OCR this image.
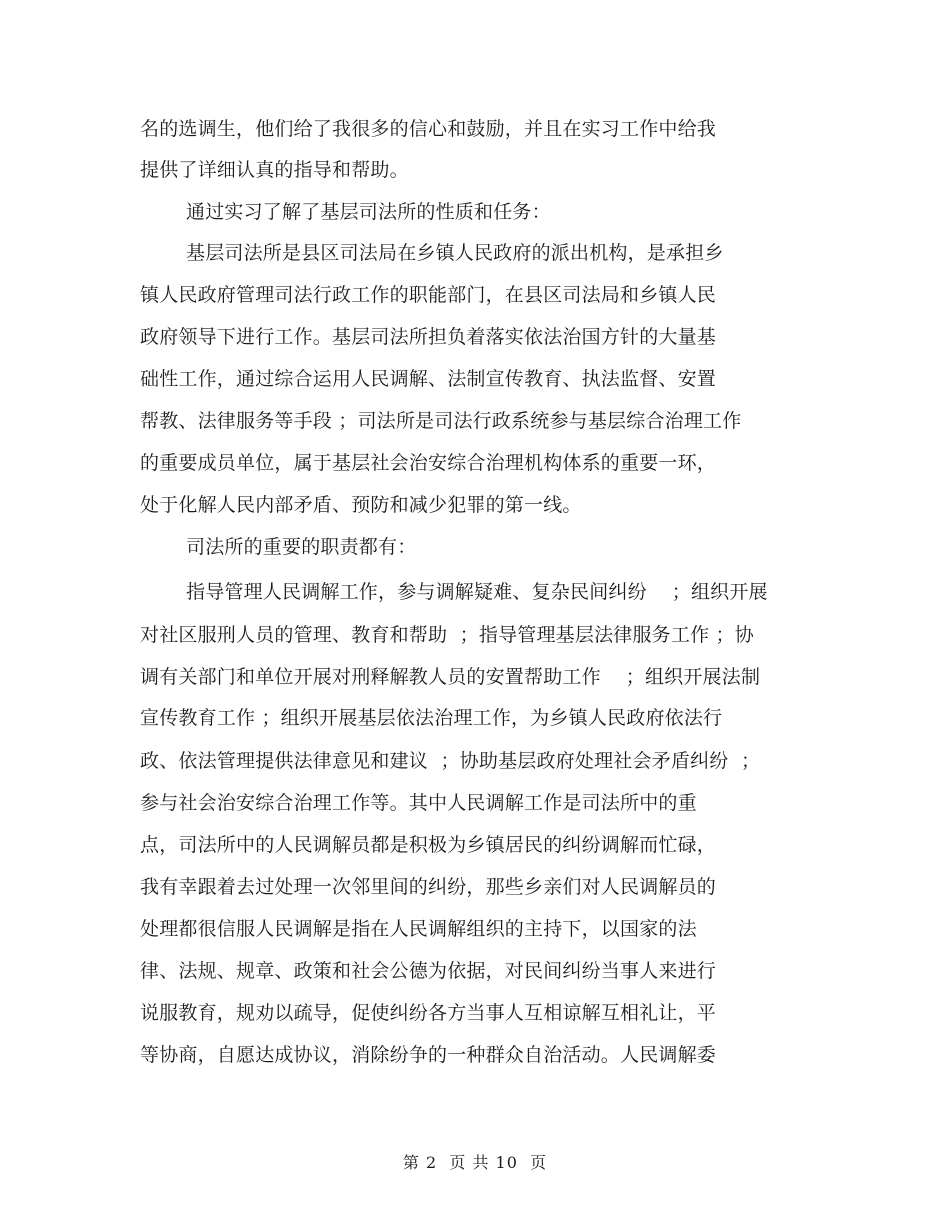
名的选调生，他们给了我很多的信心和鼓励，并且在实习工作中给我

提供了详细认真的指导和帮助。

通过实习了解了基层司法所的性质和任务：

基层司法所是县区司法局在乡镇人民政府的派出机构，是承担乡

镇人民政府管理司法行政工作的职能部门，在县区司法局和乡镇人民

政府领导下进行工作。基层司法所担负着落实依法治国方针的大量基

础性工作，通过综合运用人民调解、法制宣传教育、执法监督、安置

帮教、法律服务等手段 ；司法所是司法行政系统参与基层综合治理工作

的重要成员单位，属于基层社会治安综合治理机构体系的重要一环，

处于化解人民内部矛盾、预防和减少犯罪的第一线。

司法所的重要的职责都有：

指导管理人民调解工作，参与调解疑难、复杂民间纠纷    ；组织开展

对社区服刑人员的管理、教育和帮助  ；指导管理基层法律服务工作 ；协

调有关部门和单位开展对刑释解教人员的安置帮助工作    ；组织开展法制

宣传教育工作 ；组织开展基层依法治理工作，为乡镇人民政府依法行

政、依法管理提供法律意见和建议  ；协助基层政府处理社会矛盾纠纷  ；

参与社会治安综合治理工作等。其中人民调解工作是司法所中的重

点，司法所中的人民调解员都是积极为乡镇居民的纠纷调解而忙碌，

我有幸跟着去过处理一次邻里间的纠纷，那些乡亲们对人民调解员的

处理都很信服人民调解是指在人民调解组织的主持下，以国家的法

律、法规、规章、政策和社会公德为依据，对民间纠纷当事人来进行

说服教育，规劝以疏导，促使纠纷各方当事人互相谅解互相礼让，平

等协商，自愿达成协议，消除纷争的一种群众自治活动。人民调解委

第 2  页 共 10  页
